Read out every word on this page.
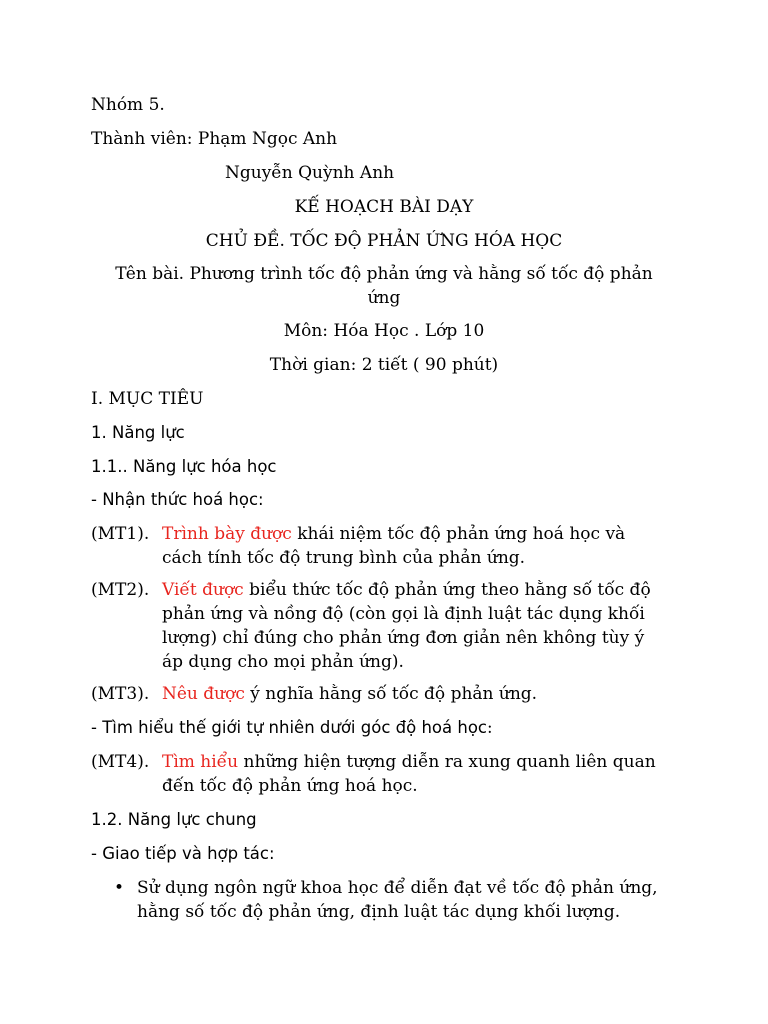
Nhóm 5.
Thành viên: Phạm Ngọc Anh
Nguyễn Quỳnh Anh
KẾ HOẠCH BÀI DẠY
CHỦ ĐỀ. TỐC ĐỘ PHẢN ỨNG HÓA HỌC
Tên bài. Phương trình tốc độ phản ứng và hằng số tốc độ phản
ứng
Môn: Hóa Học . Lớp 10
Thời gian: 2 tiết ( 90 phút)
I. MỤC TIÊU
1. Năng lực
1.1.. Năng lực hóa học
- Nhận thức hoá học:
(MT1). Trình bày được khái niệm tốc độ phản ứng hoá học và
cách tính tốc độ trung bình của phản ứng.
(MT2). Viết được biểu thức tốc độ phản ứng theo hằng số tốc độ
phản ứng và nồng độ (còn gọi là định luật tác dụng khối
lượng) chỉ đúng cho phản ứng đơn giản nên không tùy ý
áp dụng cho mọi phản ứng).
(MT3). Nêu được ý nghĩa hằng số tốc độ phản ứng.
- Tìm hiểu thế giới tự nhiên dưới góc độ hoá học:
(MT4). Tìm hiểu những hiện tượng diễn ra xung quanh liên quan
đến tốc độ phản ứng hoá học.
1.2. Năng lực chung
- Giao tiếp và hợp tác:
• Sử dụng ngôn ngữ khoa học để diễn đạt về tốc độ phản ứng,
hằng số tốc độ phản ứng, định luật tác dụng khối lượng.
